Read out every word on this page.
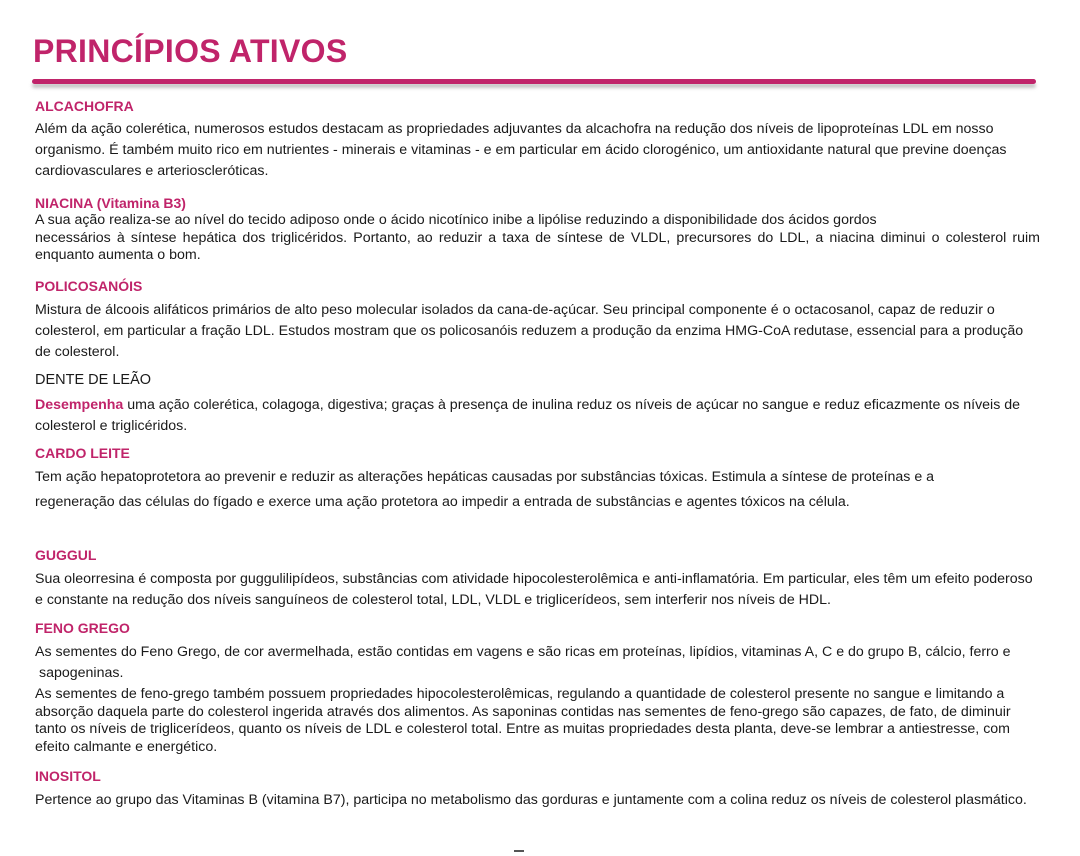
PRINCÍPIOS ATIVOS
ALCACHOFRA
Além da ação colerética, numerosos estudos destacam as propriedades adjuvantes da alcachofra na redução dos níveis de lipoproteínas LDL em nosso organismo. É também muito rico em nutrientes - minerais e vitaminas - e em particular em ácido clorogénico, um antioxidante natural que previne doenças cardiovasculares e arterioscleróticas.
NIACINA (Vitamina B3)
A sua ação realiza-se ao nível do tecido adiposo onde o ácido nicotínico inibe a lipólise reduzindo a disponibilidade dos ácidos gordos
necessários à síntese hepática dos triglicéridos. Portanto, ao reduzir a taxa de síntese de VLDL, precursores do LDL, a niacina diminui o colesterol ruim
enquanto aumenta o bom.
POLICOSANÓIS
Mistura de álcoois alifáticos primários de alto peso molecular isolados da cana-de-açúcar. Seu principal componente é o octacosanol, capaz de reduzir o colesterol, em particular a fração LDL. Estudos mostram que os policosanóis reduzem a produção da enzima HMG-CoA redutase, essencial para a produção de colesterol.
DENTE DE LEÃO
Desempenha uma ação colerética, colagoga, digestiva; graças à presença de inulina reduz os níveis de açúcar no sangue e reduz eficazmente os níveis de colesterol e triglicéridos.
CARDO LEITE
Tem ação hepatoprotetora ao prevenir e reduzir as alterações hepáticas causadas por substâncias tóxicas. Estimula a síntese de proteínas e a
regeneração das células do fígado e exerce uma ação protetora ao impedir a entrada de substâncias e agentes tóxicos na célula.
GUGGUL
Sua oleorresina é composta por guggulilipídeos, substâncias com atividade hipocolesterolêmica e anti-inflamatória. Em particular, eles têm um efeito poderoso e constante na redução dos níveis sanguíneos de colesterol total, LDL, VLDL e triglicerídeos, sem interferir nos níveis de HDL.
FENO GREGO
As sementes do Feno Grego, de cor avermelhada, estão contidas em vagens e são ricas em proteínas, lipídios, vitaminas A, C e do grupo B, cálcio, ferro e
sapogeninas.
As sementes de feno-grego também possuem propriedades hipocolesterolêmicas, regulando a quantidade de colesterol presente no sangue e limitando a absorção daquela parte do colesterol ingerida através dos alimentos. As saponinas contidas nas sementes de feno-grego são capazes, de fato, de diminuir tanto os níveis de triglicerídeos, quanto os níveis de LDL e colesterol total. Entre as muitas propriedades desta planta, deve-se lembrar a antiestresse, com efeito calmante e energético.
INOSITOL
Pertence ao grupo das Vitaminas B (vitamina B7), participa no metabolismo das gorduras e juntamente com a colina reduz os níveis de colesterol plasmático.
